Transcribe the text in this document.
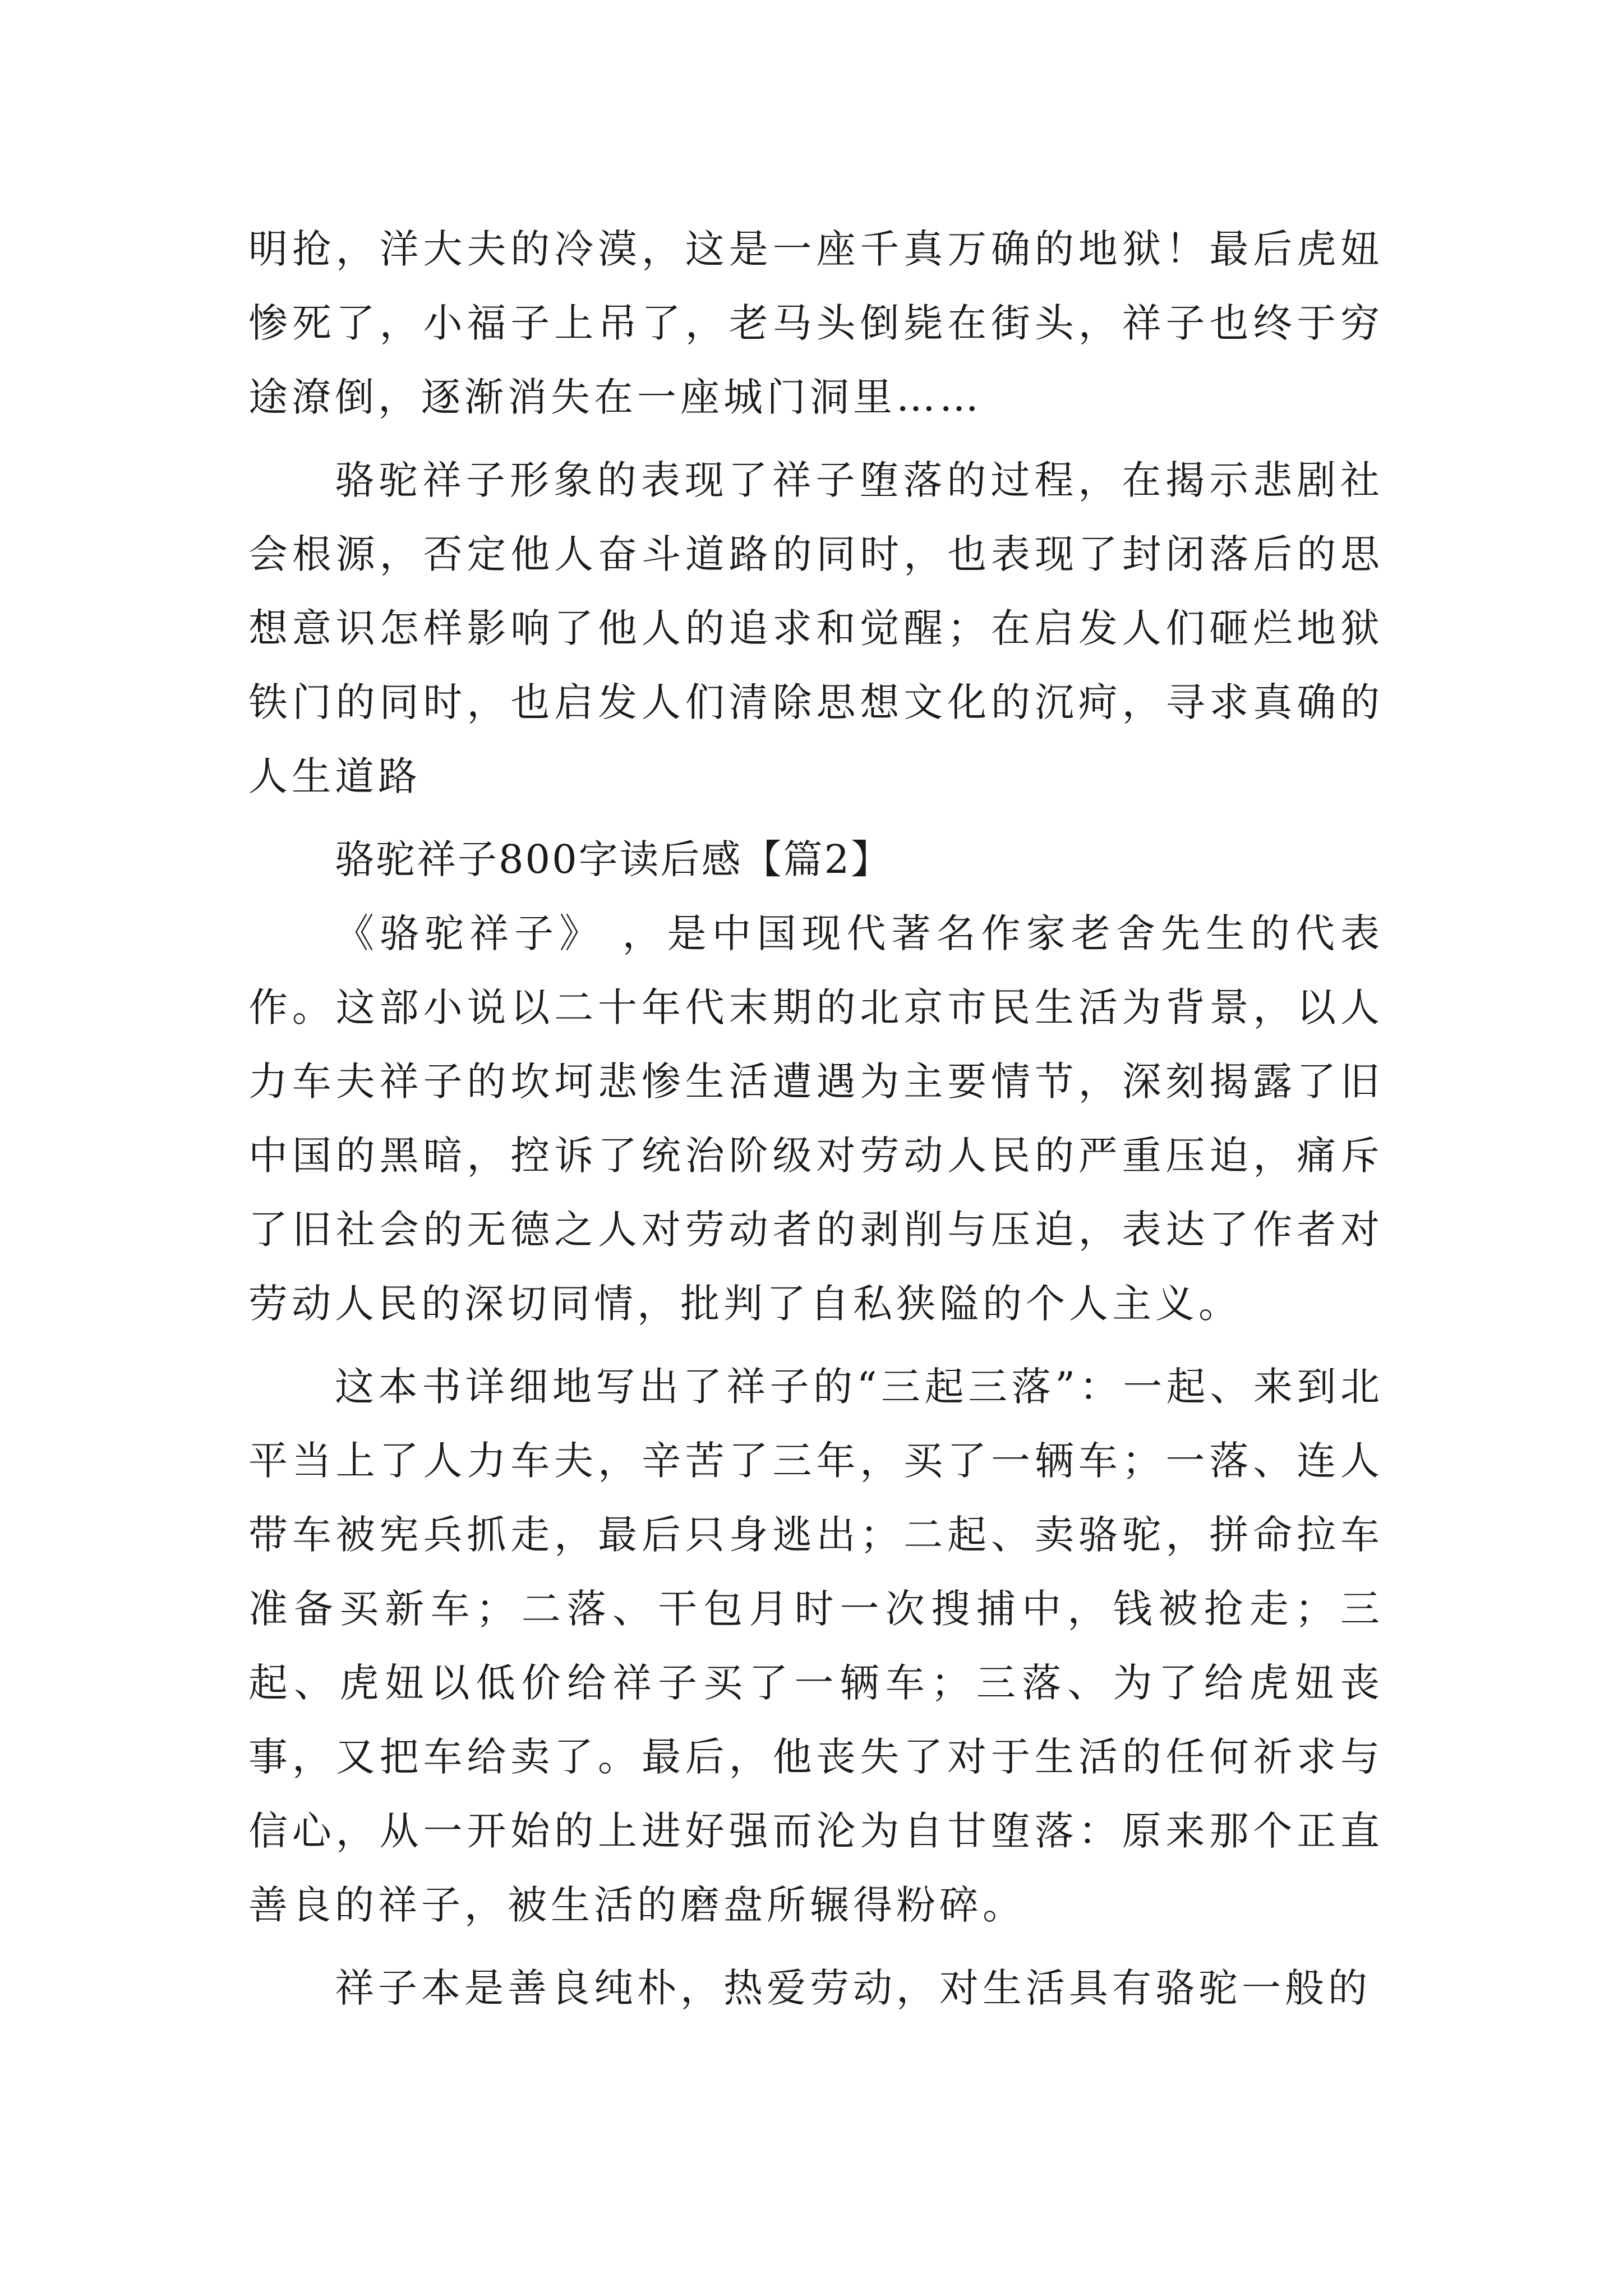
明抢，洋大夫的冷漠，这是一座千真万确的地狱！最后虎妞惨死了，小福子上吊了，老马头倒毙在街头，祥子也终于穷途潦倒，逐渐消失在一座城门洞里……

骆驼祥子形象的表现了祥子堕落的过程，在揭示悲剧社会根源，否定他人奋斗道路的同时，也表现了封闭落后的思想意识怎样影响了他人的追求和觉醒；在启发人们砸烂地狱铁门的同时，也启发人们清除思想文化的沉疴，寻求真确的人生道路

骆驼祥子800字读后感【篇2】

《骆驼祥子》 ，是中国现代著名作家老舍先生的代表作。这部小说以二十年代末期的北京市民生活为背景，以人力车夫祥子的坎坷悲惨生活遭遇为主要情节，深刻揭露了旧中国的黑暗，控诉了统治阶级对劳动人民的严重压迫，痛斥了旧社会的无德之人对劳动者的剥削与压迫，表达了作者对劳动人民的深切同情，批判了自私狭隘的个人主义。

这本书详细地写出了祥子的“三起三落”：一起、来到北平当上了人力车夫，辛苦了三年，买了一辆车；一落、连人带车被宪兵抓走，最后只身逃出；二起、卖骆驼，拼命拉车准备买新车；二落、干包月时一次搜捕中，钱被抢走；三起、虎妞以低价给祥子买了一辆车；三落、为了给虎妞丧事，又把车给卖了。最后，他丧失了对于生活的任何祈求与信心，从一开始的上进好强而沦为自甘堕落：原来那个正直善良的祥子，被生活的磨盘所辗得粉碎。

祥子本是善良纯朴，热爱劳动，对生活具有骆驼一般的
